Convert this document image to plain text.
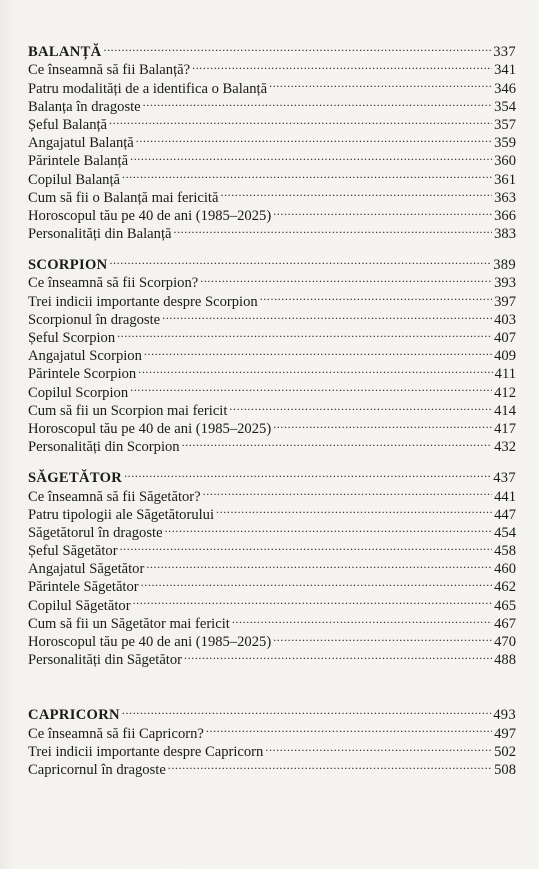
BALANȚĂ . . .	337
Ce înseamnă să fii Balanță? . . .	341
Patru modalități de a identifica o Balanță . . .	346
Balanța în dragoste . . .	354
Șeful Balanță . . .	357
Angajatul Balanță . . .	359
Părintele Balanță . . .	360
Copilul Balanță . . .	361
Cum să fii o Balanță mai fericită . . .	363
Horoscopul tău pe 40 de ani (1985–2025) . . .	366
Personalități din Balanță . . .	383
SCORPION . . .	389
Ce înseamnă să fii Scorpion? . . .	393
Trei indicii importante despre Scorpion . . .	397
Scorpionul în dragoste . . .	403
Șeful Scorpion . . .	407
Angajatul Scorpion . . .	409
Părintele Scorpion . . .	411
Copilul Scorpion . . .	412
Cum să fii un Scorpion mai fericit . . .	414
Horoscopul tău pe 40 de ani (1985–2025) . . .	417
Personalități din Scorpion . . .	432
SĂGETĂTOR . . .	437
Ce înseamnă să fii Săgetător? . . .	441
Patru tipologii ale Săgetătorului . . .	447
Săgetătorul în dragoste . . .	454
Șeful Săgetător . . .	458
Angajatul Săgetător . . .	460
Părintele Săgetător . . .	462
Copilul Săgetător . . .	465
Cum să fii un Săgetător mai fericit . . .	467
Horoscopul tău pe 40 de ani (1985–2025) . . .	470
Personalități din Săgetător . . .	488
CAPRICORN . . .	493
Ce înseamnă să fii Capricorn? . . .	497
Trei indicii importante despre Capricorn . . .	502
Capricornul în dragoste . . .	508
